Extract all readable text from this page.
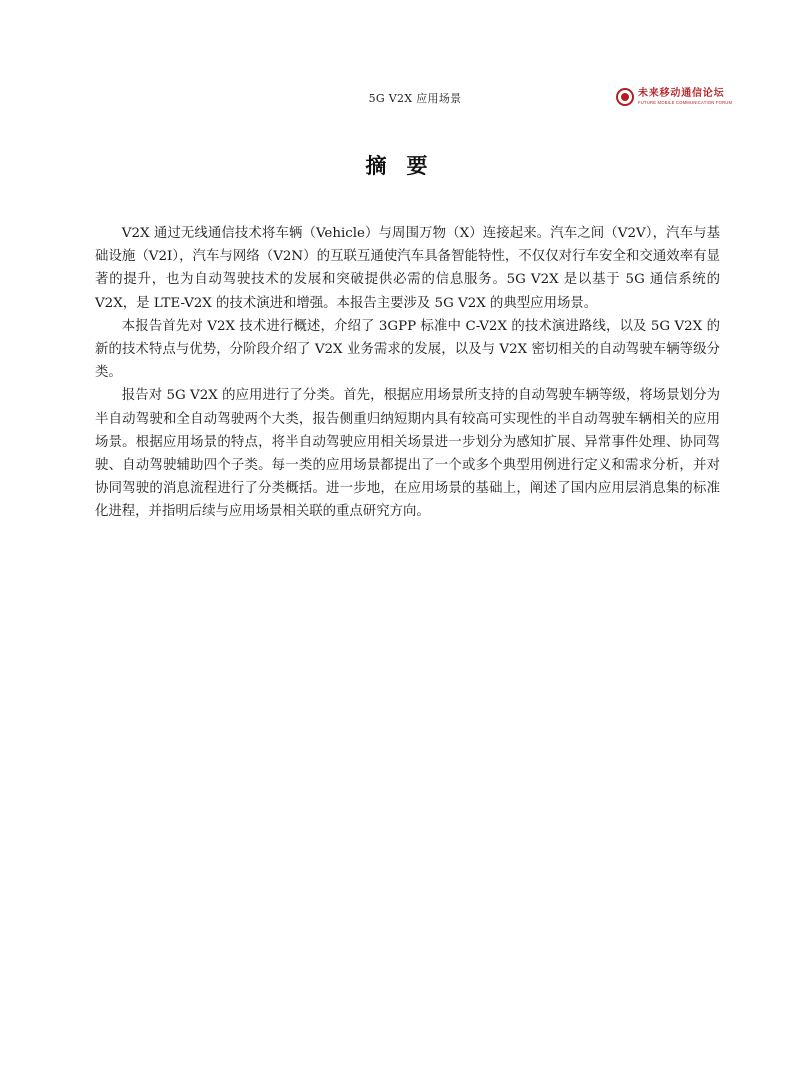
5G V2X 应用场景	未来移动通信论坛
FUTURE MOBILE COMMUNICATION FORUM
摘要

V2X 通过无线通信技术将车辆（Vehicle）与周围万物（X）连接起来。汽车之间（V2V），汽车与基础设施（V2I），汽车与网络（V2N）的互联互通使汽车具备智能特性，不仅仅对行车安全和交通效率有显著的提升，也为自动驾驶技术的发展和突破提供必需的信息服务。5G V2X 是以基于 5G 通信系统的 V2X，是 LTE-V2X 的技术演进和增强。本报告主要涉及 5G V2X 的典型应用场景。

本报告首先对 V2X 技术进行概述，介绍了 3GPP 标准中 C-V2X 的技术演进路线，以及 5G V2X 的新的技术特点与优势，分阶段介绍了 V2X 业务需求的发展，以及与 V2X 密切相关的自动驾驶车辆等级分类。

报告对 5G V2X 的应用进行了分类。首先，根据应用场景所支持的自动驾驶车辆等级，将场景划分为半自动驾驶和全自动驾驶两个大类，报告侧重归纳短期内具有较高可实现性的半自动驾驶车辆相关的应用场景。根据应用场景的特点，将半自动驾驶应用相关场景进一步划分为感知扩展、异常事件处理、协同驾驶、自动驾驶辅助四个子类。每一类的应用场景都提出了一个或多个典型用例进行定义和需求分析，并对协同驾驶的消息流程进行了分类概括。进一步地，在应用场景的基础上，阐述了国内应用层消息集的标准化进程，并指明后续与应用场景相关联的重点研究方向。
